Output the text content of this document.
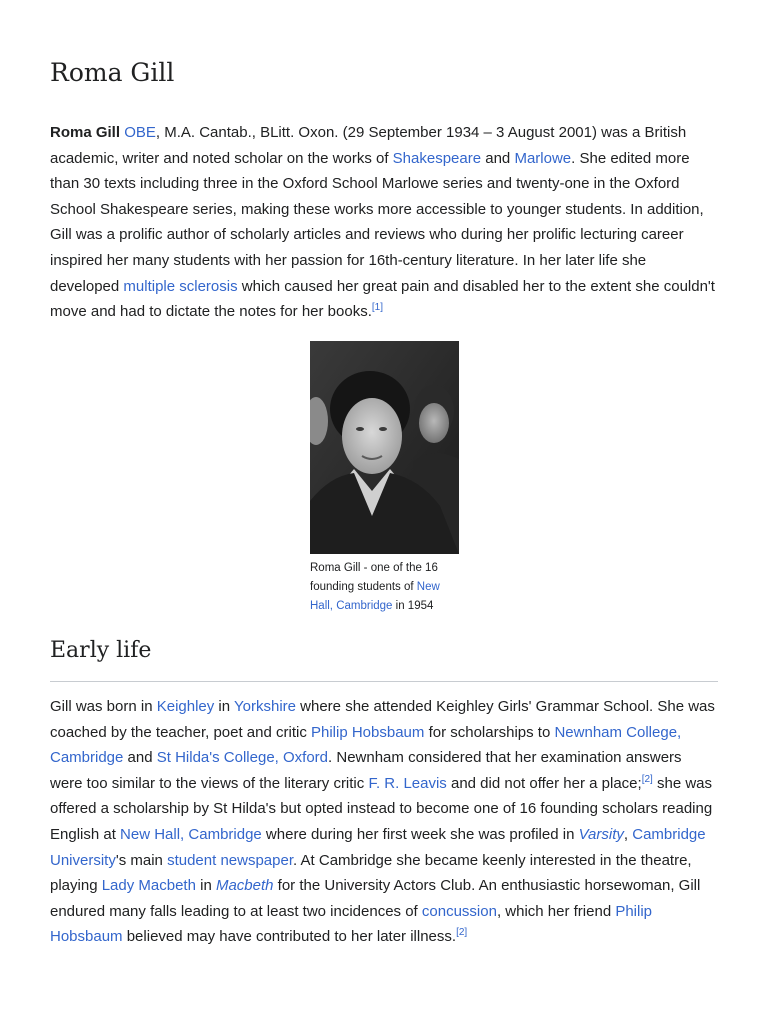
Roma Gill

Roma Gill OBE, M.A. Cantab., BLitt. Oxon. (29 September 1934 – 3 August 2001) was a British academic, writer and noted scholar on the works of Shakespeare and Marlowe. She edited more than 30 texts including three in the Oxford School Marlowe series and twenty-one in the Oxford School Shakespeare series, making these works more accessible to younger students. In addition, Gill was a prolific author of scholarly articles and reviews who during her prolific lecturing career inspired her many students with her passion for 16th-century literature. In her later life she developed multiple sclerosis which caused her great pain and disabled her to the extent she couldn't move and had to dictate the notes for her books.[1]

Roma Gill - one of the 16 founding students of New Hall, Cambridge in 1954
Early life

Gill was born in Keighley in Yorkshire where she attended Keighley Girls' Grammar School. She was coached by the teacher, poet and critic Philip Hobsbaum for scholarships to Newnham College, Cambridge and St Hilda's College, Oxford. Newnham considered that her examination answers were too similar to the views of the literary critic F. R. Leavis and did not offer her a place;[2] she was offered a scholarship by St Hilda's but opted instead to become one of 16 founding scholars reading English at New Hall, Cambridge where during her first week she was profiled in Varsity, Cambridge University's main student newspaper. At Cambridge she became keenly interested in the theatre, playing Lady Macbeth in Macbeth for the University Actors Club. An enthusiastic horsewoman, Gill endured many falls leading to at least two incidences of concussion, which her friend Philip Hobsbaum believed may have contributed to her later illness.[2]
